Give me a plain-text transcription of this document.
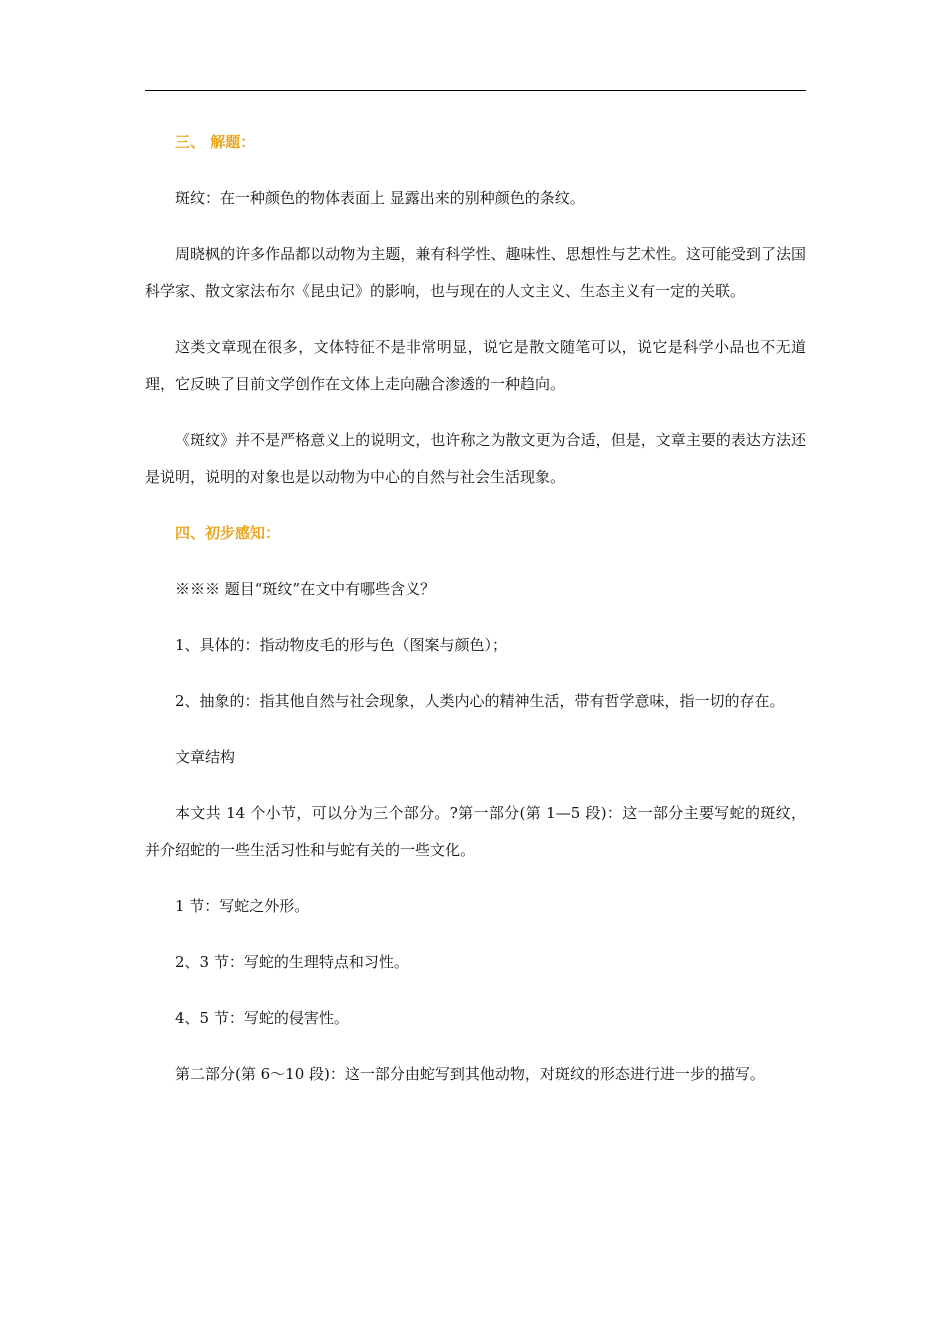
三、 解题：

斑纹：在一种颜色的物体表面上 显露出来的别种颜色的条纹。

周晓枫的许多作品都以动物为主题，兼有科学性、趣味性、思想性与艺术性。这可能受到了法国科学家、散文家法布尔《昆虫记》的影响，也与现在的人文主义、生态主义有一定的关联。

这类文章现在很多，文体特征不是非常明显，说它是散文随笔可以，说它是科学小品也不无道理，它反映了目前文学创作在文体上走向融合渗透的一种趋向。

《斑纹》并不是严格意义上的说明文，也许称之为散文更为合适，但是，文章主要的表达方法还是说明，说明的对象也是以动物为中心的自然与社会生活现象。

四、初步感知：

※※※ 题目“斑纹”在文中有哪些含义？

1、具体的：指动物皮毛的形与色（图案与颜色）；

2、抽象的：指其他自然与社会现象，人类内心的精神生活，带有哲学意味，指一切的存在。

文章结构

本文共 14 个小节，可以分为三个部分。?第一部分(第 1—5 段)：这一部分主要写蛇的斑纹，并介绍蛇的一些生活习性和与蛇有关的一些文化。

1 节：写蛇之外形。

2、3 节：写蛇的生理特点和习性。

4、5 节：写蛇的侵害性。

第二部分(第 6～10 段)：这一部分由蛇写到其他动物，对斑纹的形态进行进一步的描写。
